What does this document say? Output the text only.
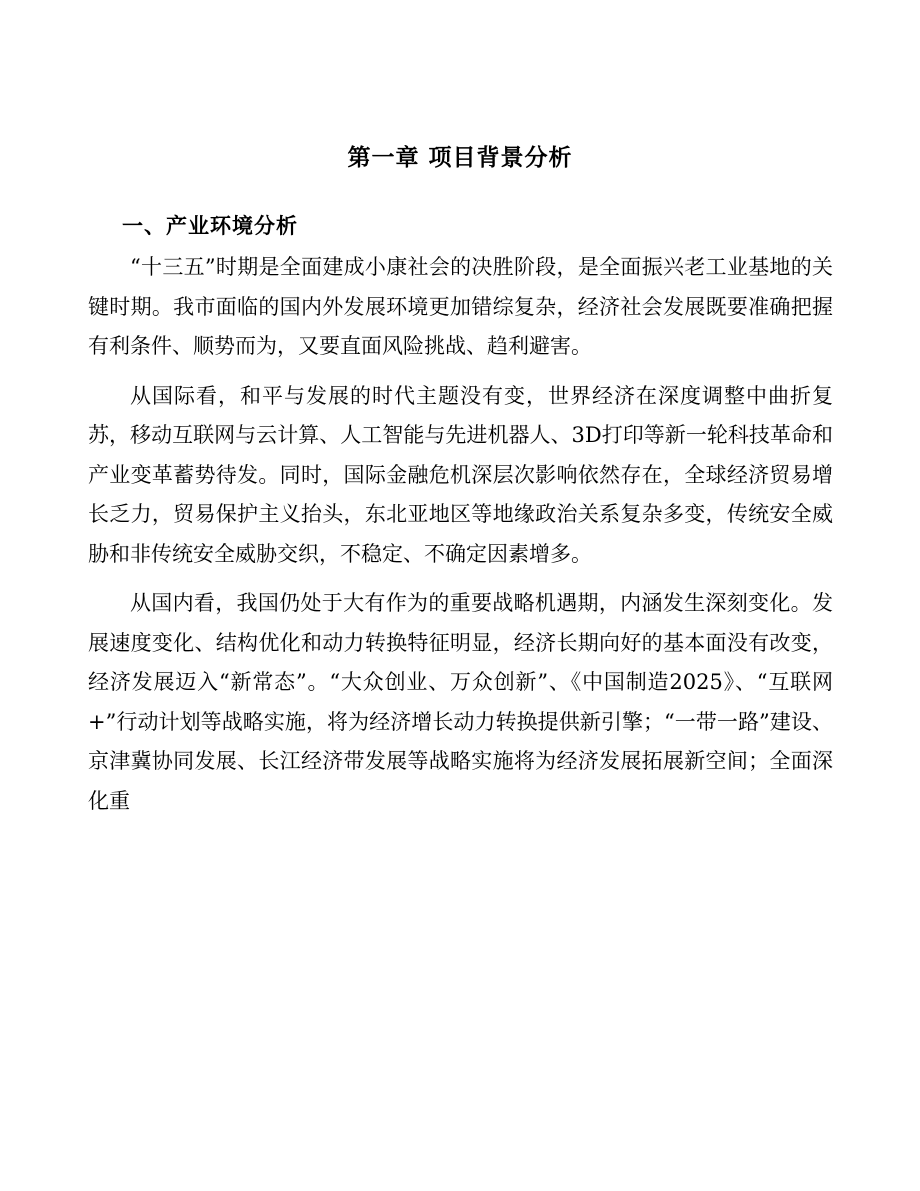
第一章 项目背景分析
一、产业环境分析

“十三五”时期是全面建成小康社会的决胜阶段，是全面振兴老工业基地的关键时期。我市面临的国内外发展环境更加错综复杂，经济社会发展既要准确把握有利条件、顺势而为，又要直面风险挑战、趋利避害。

从国际看，和平与发展的时代主题没有变，世界经济在深度调整中曲折复苏，移动互联网与云计算、人工智能与先进机器人、3D打印等新一轮科技革命和产业变革蓄势待发。同时，国际金融危机深层次影响依然存在，全球经济贸易增长乏力，贸易保护主义抬头，东北亚地区等地缘政治关系复杂多变，传统安全威胁和非传统安全威胁交织，不稳定、不确定因素增多。

从国内看，我国仍处于大有作为的重要战略机遇期，内涵发生深刻变化。发展速度变化、结构优化和动力转换特征明显，经济长期向好的基本面没有改变，经济发展迈入“新常态”。“大众创业、万众创新”、《中国制造2025》、“互联网+”行动计划等战略实施，将为经济增长动力转换提供新引擎；“一带一路”建设、京津冀协同发展、长江经济带发展等战略实施将为经济发展拓展新空间；全面深化重
